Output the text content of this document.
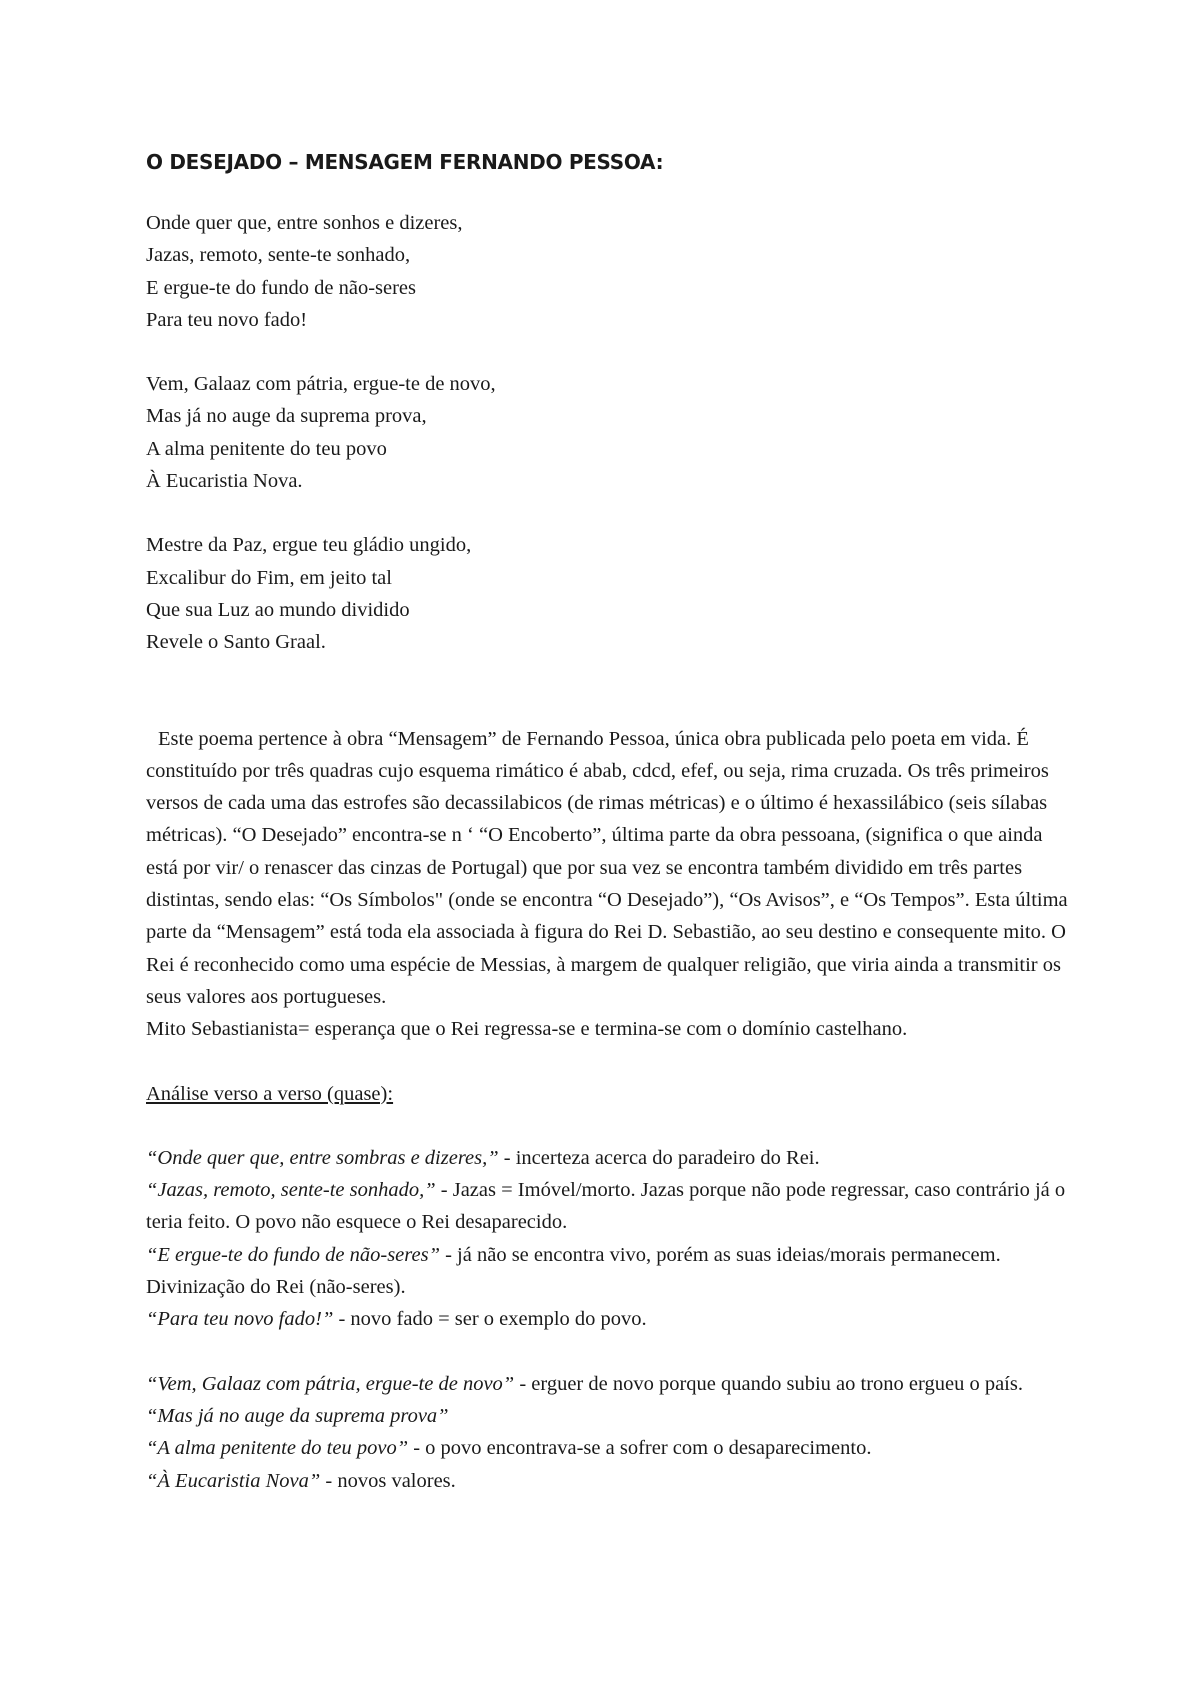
O DESEJADO – MENSAGEM FERNANDO PESSOA:
Onde quer que, entre sonhos e dizeres,
Jazas, remoto, sente-te sonhado,
E ergue-te do fundo de não-seres
Para teu novo fado!
Vem, Galaaz com pátria, ergue-te de novo,
Mas já no auge da suprema prova,
A alma penitente do teu povo
À Eucaristia Nova.
Mestre da Paz, ergue teu gládio ungido,
Excalibur do Fim, em jeito tal
Que sua Luz ao mundo dividido
Revele o Santo Graal.

Este poema pertence à obra “Mensagem” de Fernando Pessoa, única obra publicada pelo poeta em vida. É constituído por três quadras cujo esquema rimático é abab, cdcd, efef, ou seja, rima cruzada. Os três primeiros versos de cada uma das estrofes são decassilabicos (de rimas métricas) e o último é hexassilábico (seis sílabas métricas). “O Desejado” encontra-se n ‘ “O Encoberto”, última parte da obra pessoana, (significa o que ainda está por vir/ o renascer das cinzas de Portugal) que por sua vez se encontra também dividido em três partes distintas, sendo elas: “Os Símbolos" (onde se encontra “O Desejado”), “Os Avisos”, e “Os Tempos”. Esta última parte da “Mensagem” está toda ela associada à figura do Rei D. Sebastião, ao seu destino e consequente mito. O Rei é reconhecido como uma espécie de Messias, à margem de qualquer religião, que viria ainda a transmitir os seus valores aos portugueses.

Mito Sebastianista= esperança que o Rei regressa-se e termina-se com o domínio castelhano.

Análise verso a verso (quase):

“Onde quer que, entre sombras e dizeres,” - incerteza acerca do paradeiro do Rei.
“Jazas, remoto, sente-te sonhado,” - Jazas = Imóvel/morto. Jazas porque não pode regressar, caso contrário já o teria feito. O povo não esquece o Rei desaparecido.
“E ergue-te do fundo de não-seres” - já não se encontra vivo, porém as suas ideias/morais permanecem. Divinização do Rei (não-seres).
“Para teu novo fado!” - novo fado = ser o exemplo do povo.
“Vem, Galaaz com pátria, ergue-te de novo” - erguer de novo porque quando subiu ao trono ergueu o país.
“Mas já no auge da suprema prova”
“A alma penitente do teu povo” - o povo encontrava-se a sofrer com o desaparecimento.
“À Eucaristia Nova” - novos valores.
